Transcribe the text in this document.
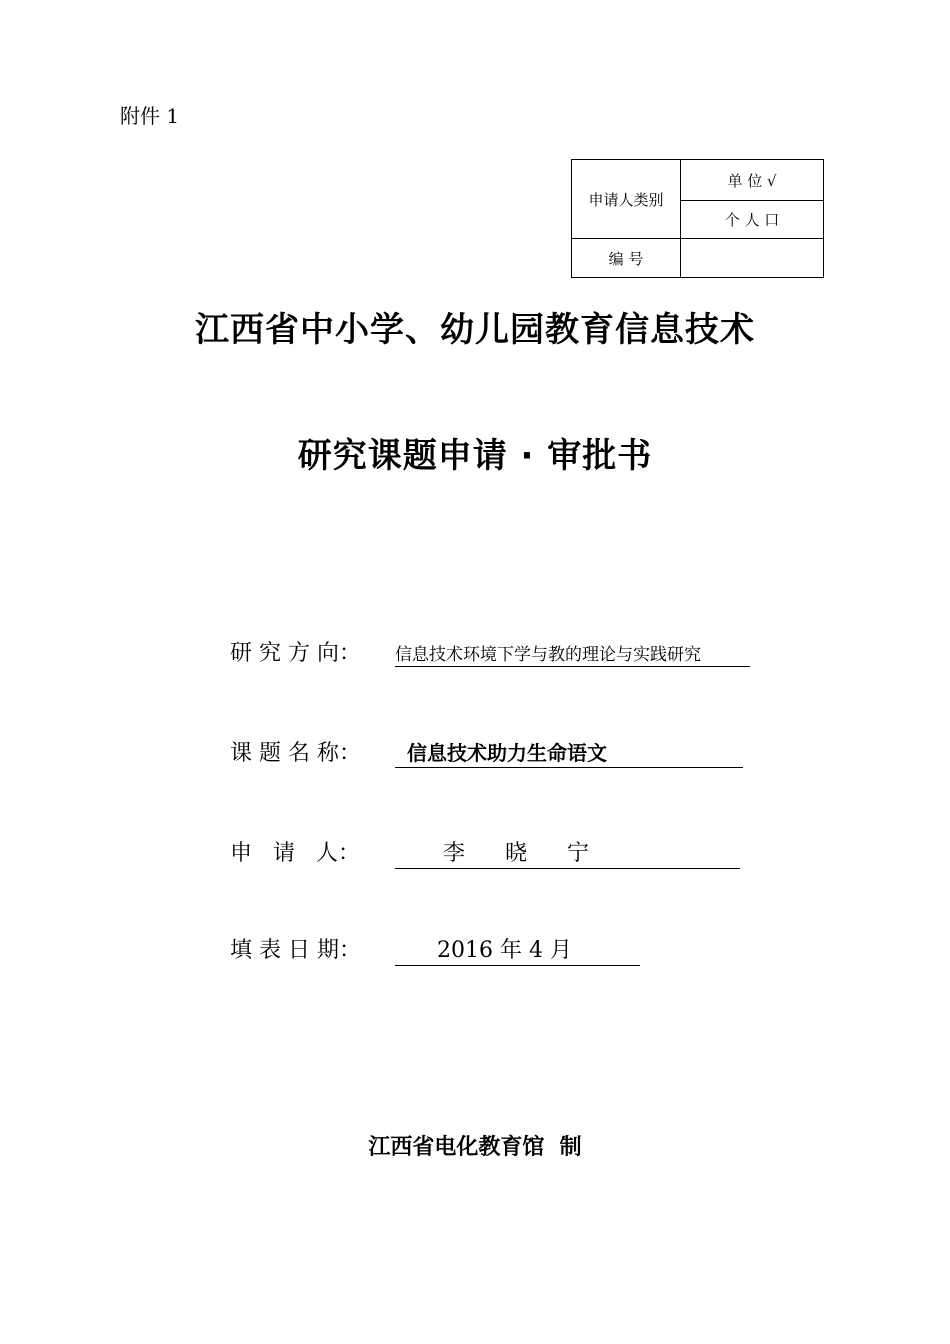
附件 1
申请人类别	单 位 √
	个 人 口
编 号	
江西省中小学、幼儿园教育信息技术
研究课题申请 · 审批书
研 究 方 向： 信息技术环境下学与教的理论与实践研究
课 题 名 称： 信息技术助力生命语文
申   请   人：	李晓宁
填 表 日 期：	2016 年 4 月
江西省电化教育馆  制
